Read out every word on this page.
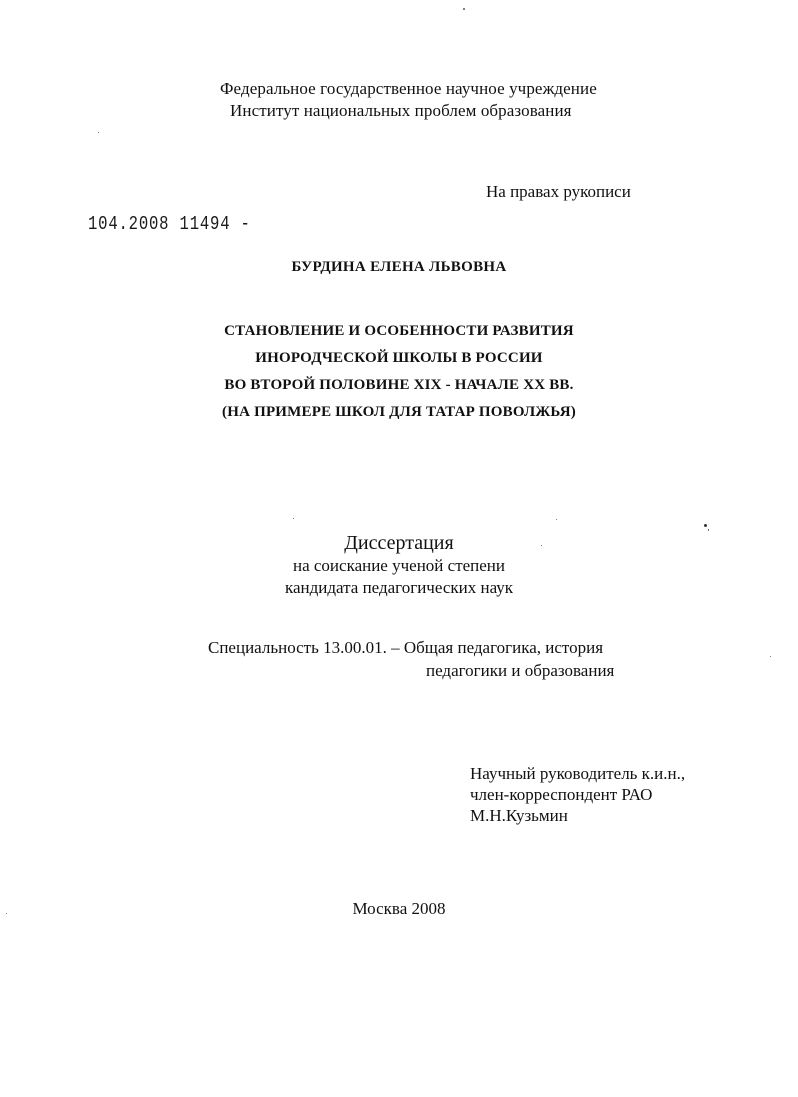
Федеральное государственное научное учреждение
Институт национальных проблем образования
На правах рукописи
104.2008 11494 -
БУРДИНА ЕЛЕНА ЛЬВОВНА
СТАНОВЛЕНИЕ И ОСОБЕННОСТИ РАЗВИТИЯ
ИНОРОДЧЕСКОЙ ШКОЛЫ В РОССИИ
ВО ВТОРОЙ ПОЛОВИНЕ XIX - НАЧАЛЕ XX ВВ.
(НА ПРИМЕРЕ ШКОЛ ДЛЯ ТАТАР ПОВОЛЖЬЯ)
Диссертация
на соискание ученой степени
кандидата педагогических наук
Специальность 13.00.01. – Общая педагогика, история
педагогики и образования
Научный руководитель к.и.н.,
член-корреспондент РАО
М.Н.Кузьмин
Москва 2008
